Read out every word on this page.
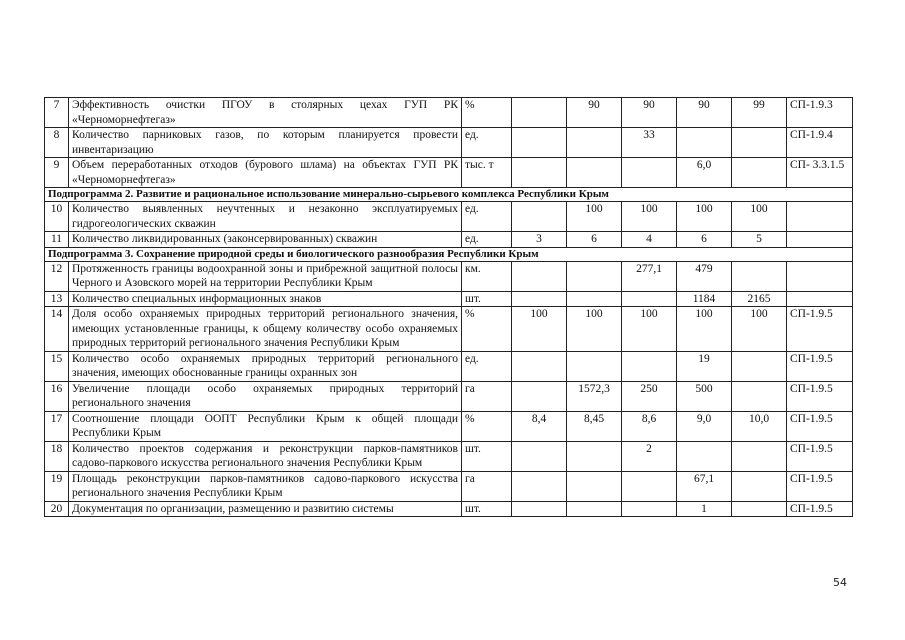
7	Эффективность очистки ПГОУ в столярных цехах ГУП РК «Черноморнефтегаз»	%		90	90	90	99	СП-1.9.3
8	Количество парниковых газов, по которым планируется провести инвентаризацию	ед.			33			СП-1.9.4
9	Объем переработанных отходов (бурового шлама) на объектах ГУП РК «Черноморнефтегаз»	тыс. т				6,0		СП- 3.3.1.5
Подпрограмма 2. Развитие и рациональное использование минерально-сырьевого комплекса Республики Крым								
10	Количество выявленных неучтенных и незаконно эксплуатируемых гидрогеологических скважин	ед.		100	100	100	100	
11	Количество ликвидированных (законсервированных) скважин	ед.	3	6	4	6	5	
Подпрограмма 3. Сохранение природной среды и биологического разнообразия Республики Крым								
12	Протяженность границы водоохранной зоны и прибрежной защитной полосы Черного и Азовского морей на территории Республики Крым	км.			277,1	479		
13	Количество специальных информационных знаков	шт.				1184	2165	
14	Доля особо охраняемых природных территорий регионального значения, имеющих установленные границы, к общему количеству особо охраняемых природных территорий регионального значения Республики Крым	%	100	100	100	100	100	СП-1.9.5
15	Количество особо охраняемых природных территорий регионального значения, имеющих обоснованные границы охранных зон	ед.				19		СП-1.9.5
16	Увеличение площади особо охраняемых природных территорий регионального значения	га		1572,3	250	500		СП-1.9.5
17	Соотношение площади ООПТ Республики Крым к общей площади Республики Крым	%	8,4	8,45	8,6	9,0	10,0	СП-1.9.5
18	Количество проектов содержания и реконструкции парков-памятников садово-паркового искусства регионального значения Республики Крым	шт.			2			СП-1.9.5
19	Площадь реконструкции парков-памятников садово-паркового искусства регионального значения Республики Крым	га				67,1		СП-1.9.5
20	Документация по организации, размещению и развитию системы	шт.				1		СП-1.9.5
54
